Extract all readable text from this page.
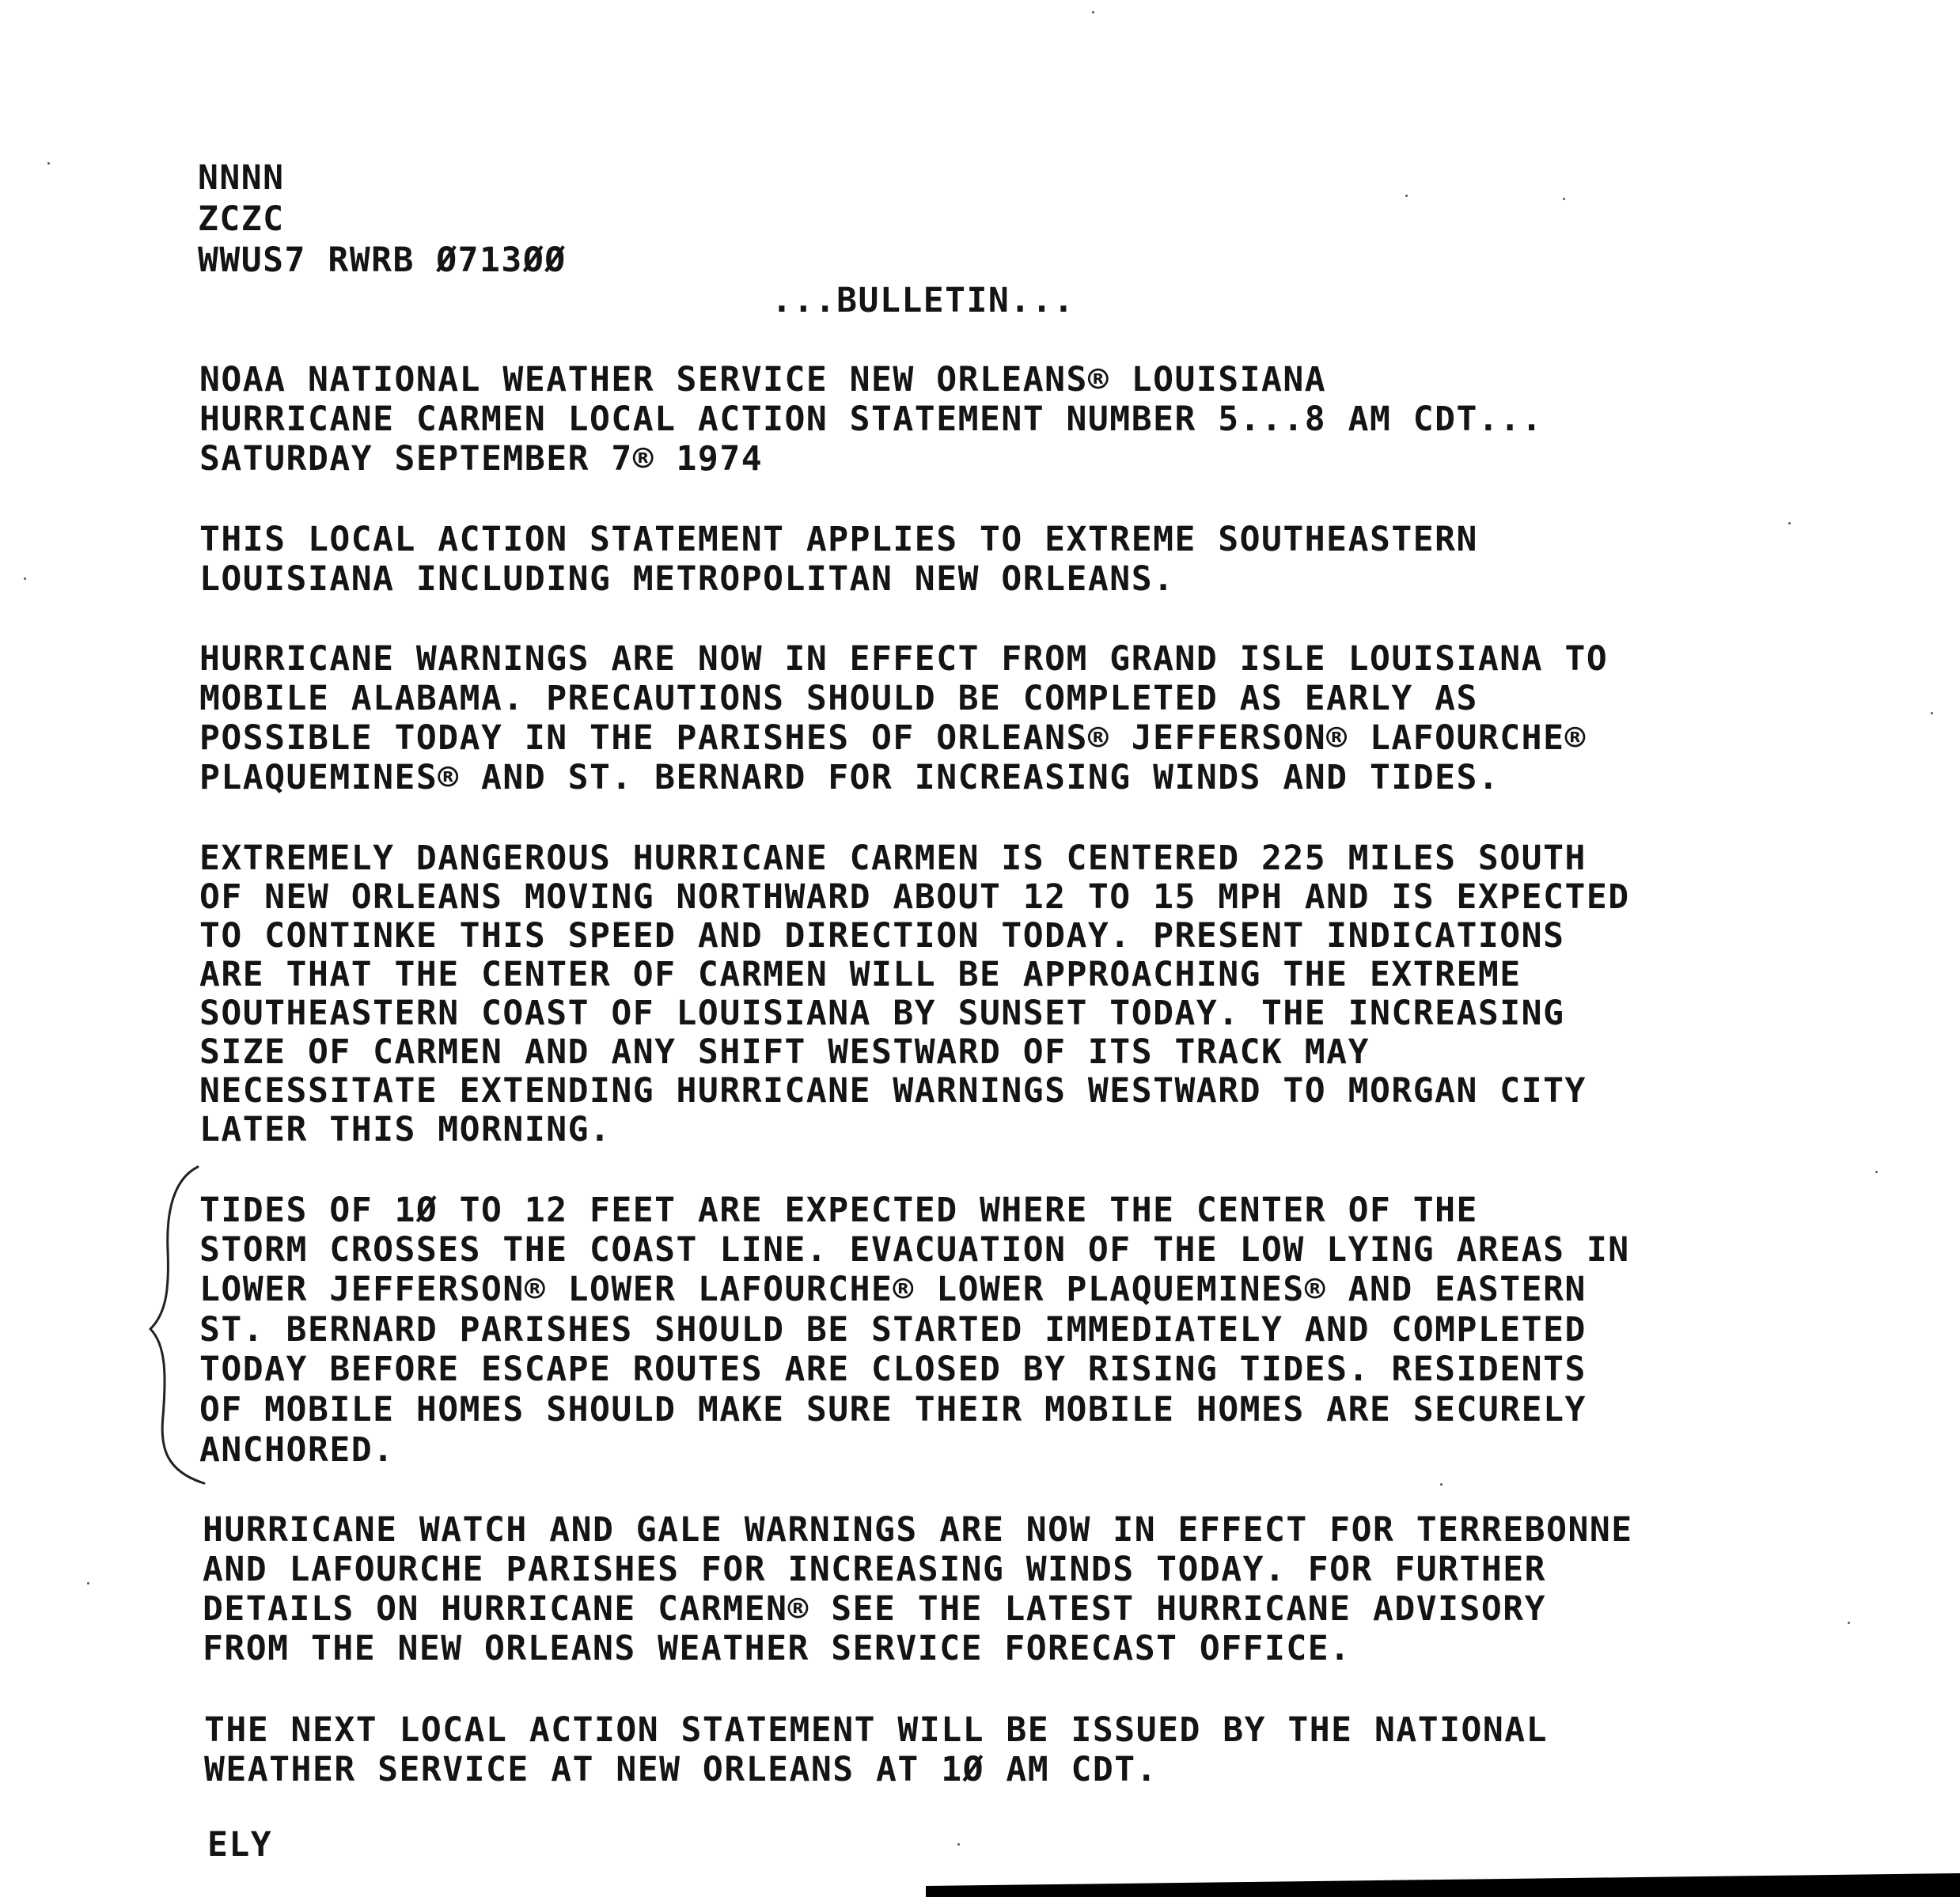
NNNN
ZCZC
WWUS7 RWRB Ø713ØØ
...BULLETIN...
NOAA NATIONAL WEATHER SERVICE NEW ORLEANS® LOUISIANA
HURRICANE CARMEN LOCAL ACTION STATEMENT NUMBER 5...8 AM CDT...
SATURDAY SEPTEMBER 7® 1974
THIS LOCAL ACTION STATEMENT APPLIES TO EXTREME SOUTHEASTERN
LOUISIANA INCLUDING METROPOLITAN NEW ORLEANS.
HURRICANE WARNINGS ARE NOW IN EFFECT FROM GRAND ISLE LOUISIANA TO
MOBILE ALABAMA. PRECAUTIONS SHOULD BE COMPLETED AS EARLY AS
POSSIBLE TODAY IN THE PARISHES OF ORLEANS® JEFFERSON® LAFOURCHE®
PLAQUEMINES® AND ST. BERNARD FOR INCREASING WINDS AND TIDES.
EXTREMELY DANGEROUS HURRICANE CARMEN IS CENTERED 225 MILES SOUTH
OF NEW ORLEANS MOVING NORTHWARD ABOUT 12 TO 15 MPH AND IS EXPECTED
TO CONTINKE THIS SPEED AND DIRECTION TODAY. PRESENT INDICATIONS
ARE THAT THE CENTER OF CARMEN WILL BE APPROACHING THE EXTREME
SOUTHEASTERN COAST OF LOUISIANA BY SUNSET TODAY. THE INCREASING
SIZE OF CARMEN AND ANY SHIFT WESTWARD OF ITS TRACK MAY
NECESSITATE EXTENDING HURRICANE WARNINGS WESTWARD TO MORGAN CITY
LATER THIS MORNING.
TIDES OF 1Ø TO 12 FEET ARE EXPECTED WHERE THE CENTER OF THE
STORM CROSSES THE COAST LINE. EVACUATION OF THE LOW LYING AREAS IN
LOWER JEFFERSON® LOWER LAFOURCHE® LOWER PLAQUEMINES® AND EASTERN
ST. BERNARD PARISHES SHOULD BE STARTED IMMEDIATELY AND COMPLETED
TODAY BEFORE ESCAPE ROUTES ARE CLOSED BY RISING TIDES. RESIDENTS
OF MOBILE HOMES SHOULD MAKE SURE THEIR MOBILE HOMES ARE SECURELY
ANCHORED.
HURRICANE WATCH AND GALE WARNINGS ARE NOW IN EFFECT FOR TERREBONNE
AND LAFOURCHE PARISHES FOR INCREASING WINDS TODAY. FOR FURTHER
DETAILS ON HURRICANE CARMEN® SEE THE LATEST HURRICANE ADVISORY
FROM THE NEW ORLEANS WEATHER SERVICE FORECAST OFFICE.
THE NEXT LOCAL ACTION STATEMENT WILL BE ISSUED BY THE NATIONAL
WEATHER SERVICE AT NEW ORLEANS AT 1Ø AM CDT.
ELY
